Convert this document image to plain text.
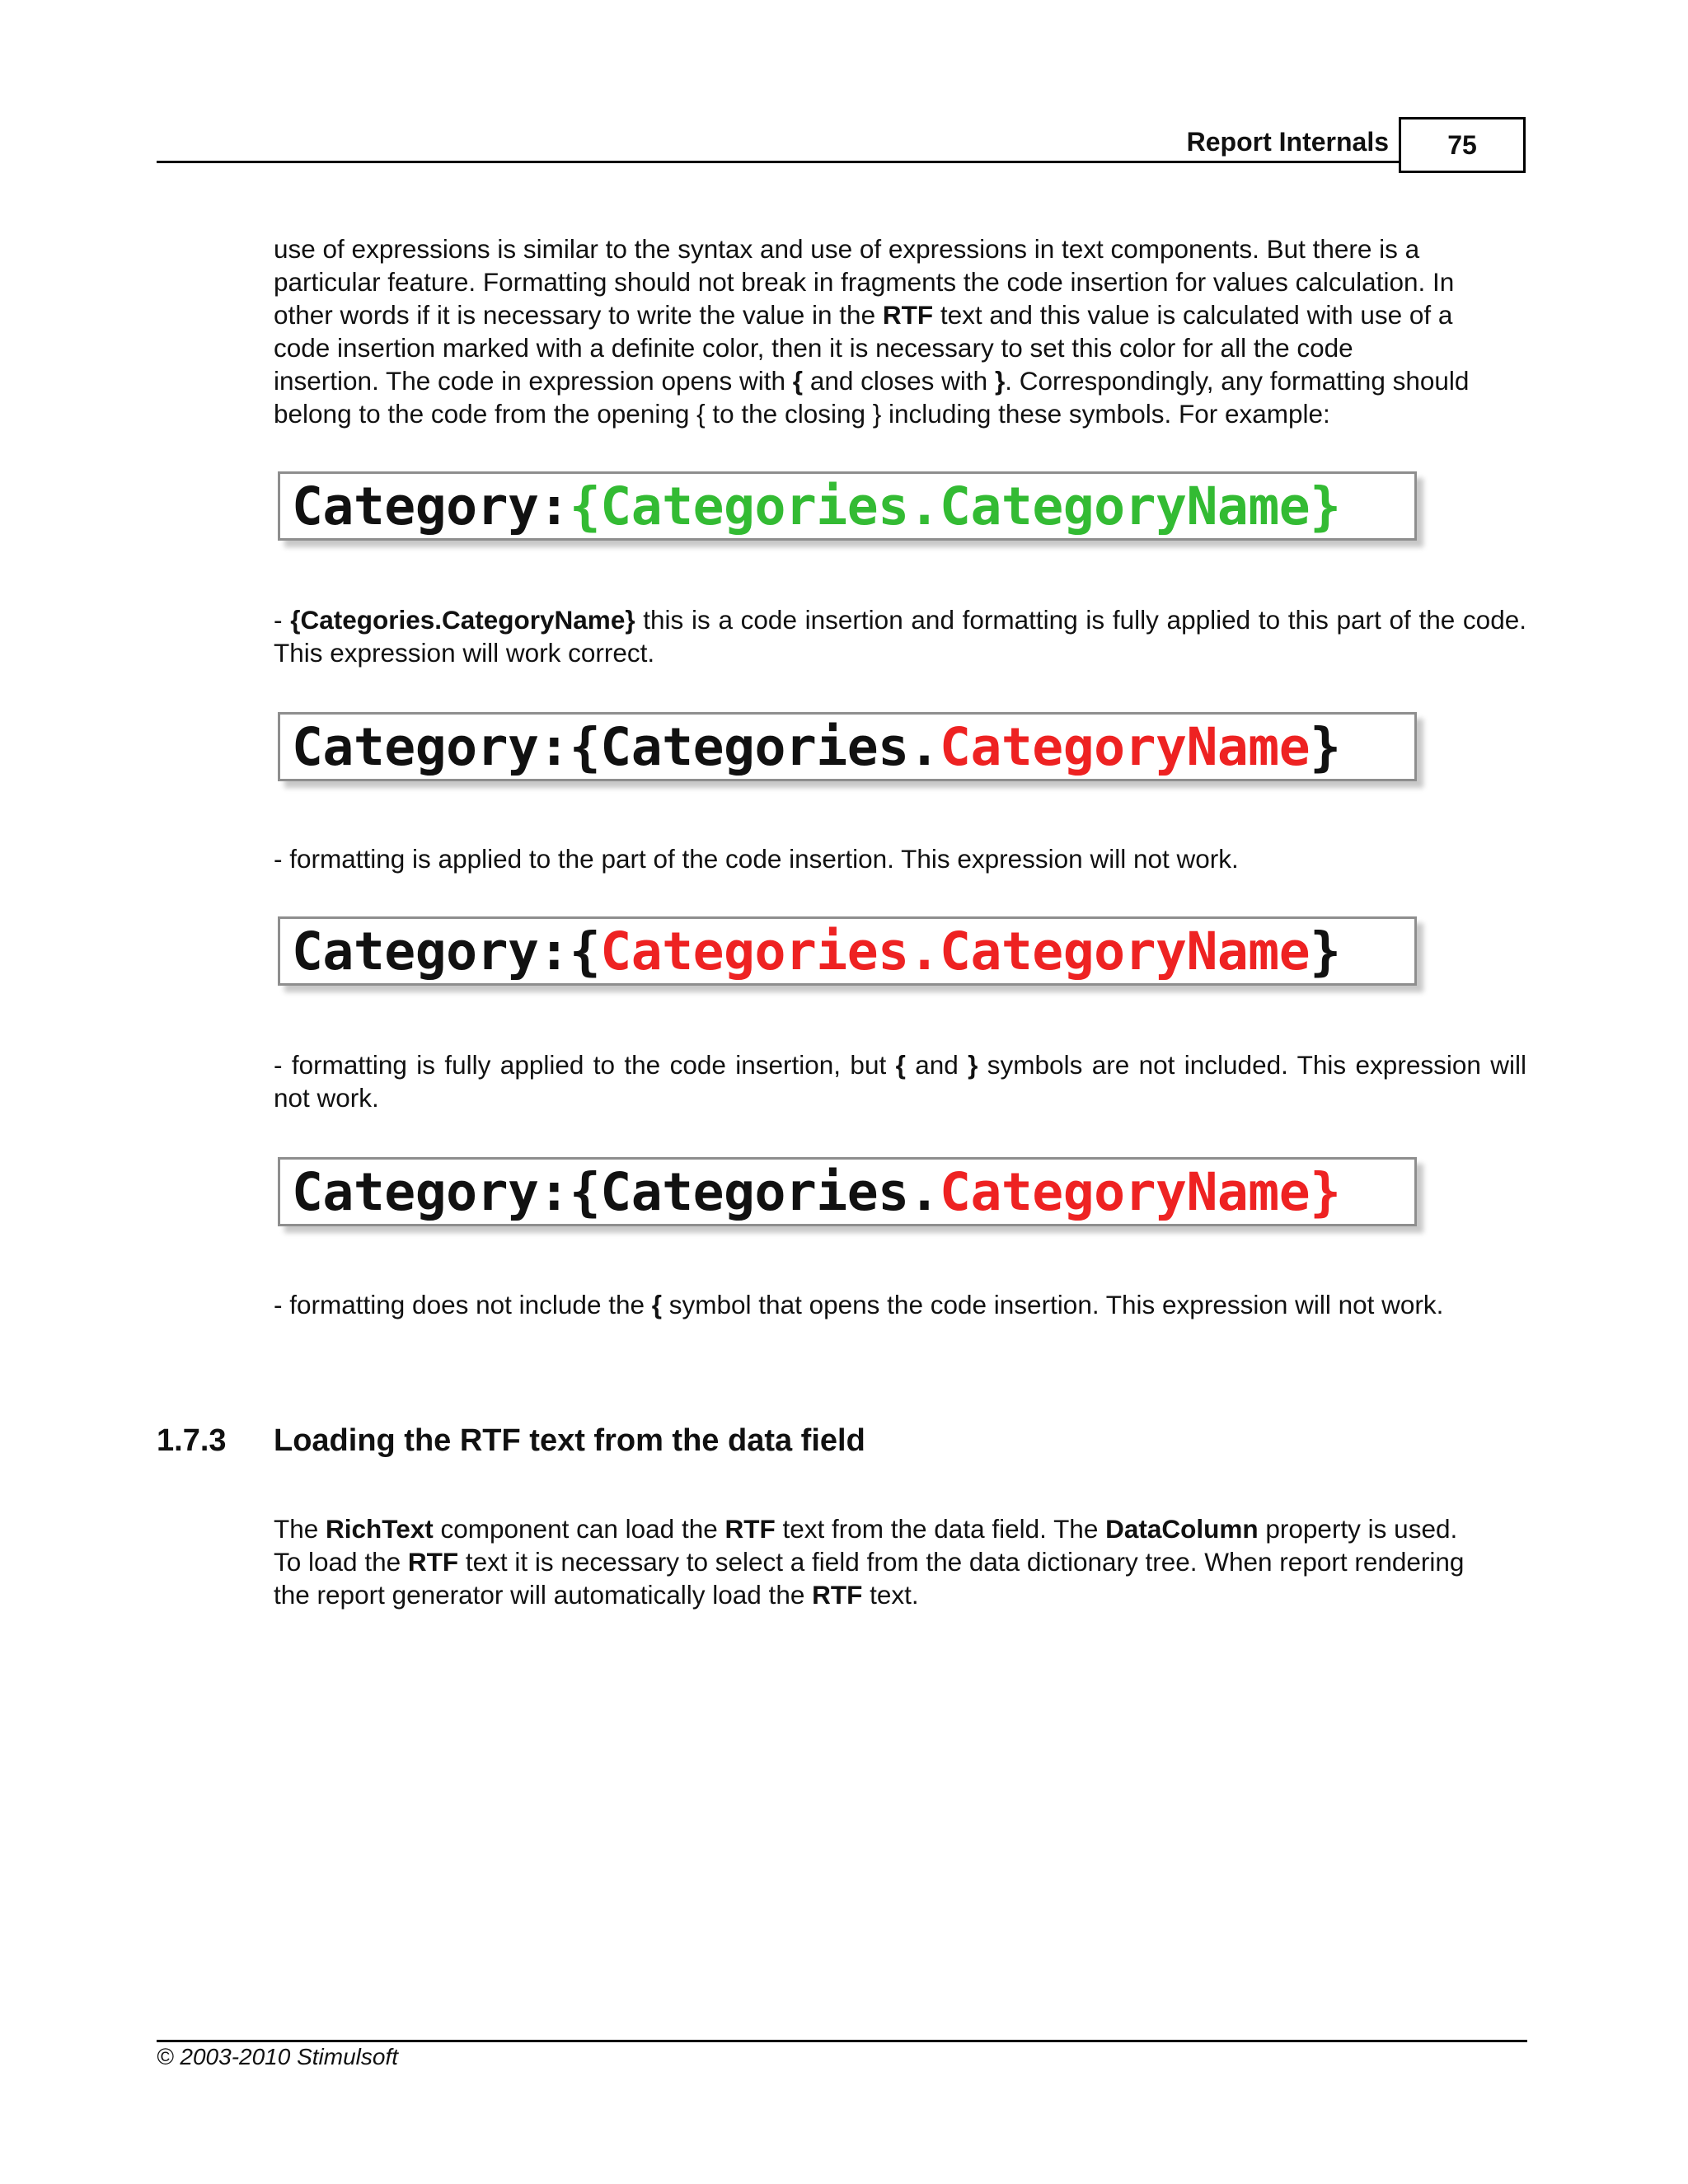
Report Internals	75
use of expressions is similar to the syntax and use of expressions in text components. But there is a
particular feature. Formatting should not break in fragments the code insertion for values calculation. In
other words if it is necessary to write the value in the RTF text and this value is calculated with use of a
code insertion marked with a definite color, then it is necessary to set this color for all the code
insertion. The code in expression opens with { and closes with }. Correspondingly, any formatting should
belong to the code from the opening { to the closing } including these symbols. For example:
Category: {Categories.CategoryName}
- {Categories.CategoryName} this is a code insertion and formatting is fully applied to this part of the code. This expression will work correct.
Category:{Categories. CategoryName }
- formatting is applied to the part of the code insertion. This expression will not work.
Category:{ Categories.CategoryName }
- formatting is fully applied to the code insertion, but { and } symbols are not included. This expression will not work.
Category:{Categories. CategoryName}
- formatting does not include the { symbol that opens the code insertion. This expression will not work.
1.7.3 Loading the RTF text from the data field
The RichText component can load the RTF text from the data field. The DataColumn property is used.
To load the RTF text it is necessary to select a field from the data dictionary tree. When report rendering
the report generator will automatically load the RTF text.
© 2003-2010 Stimulsoft
